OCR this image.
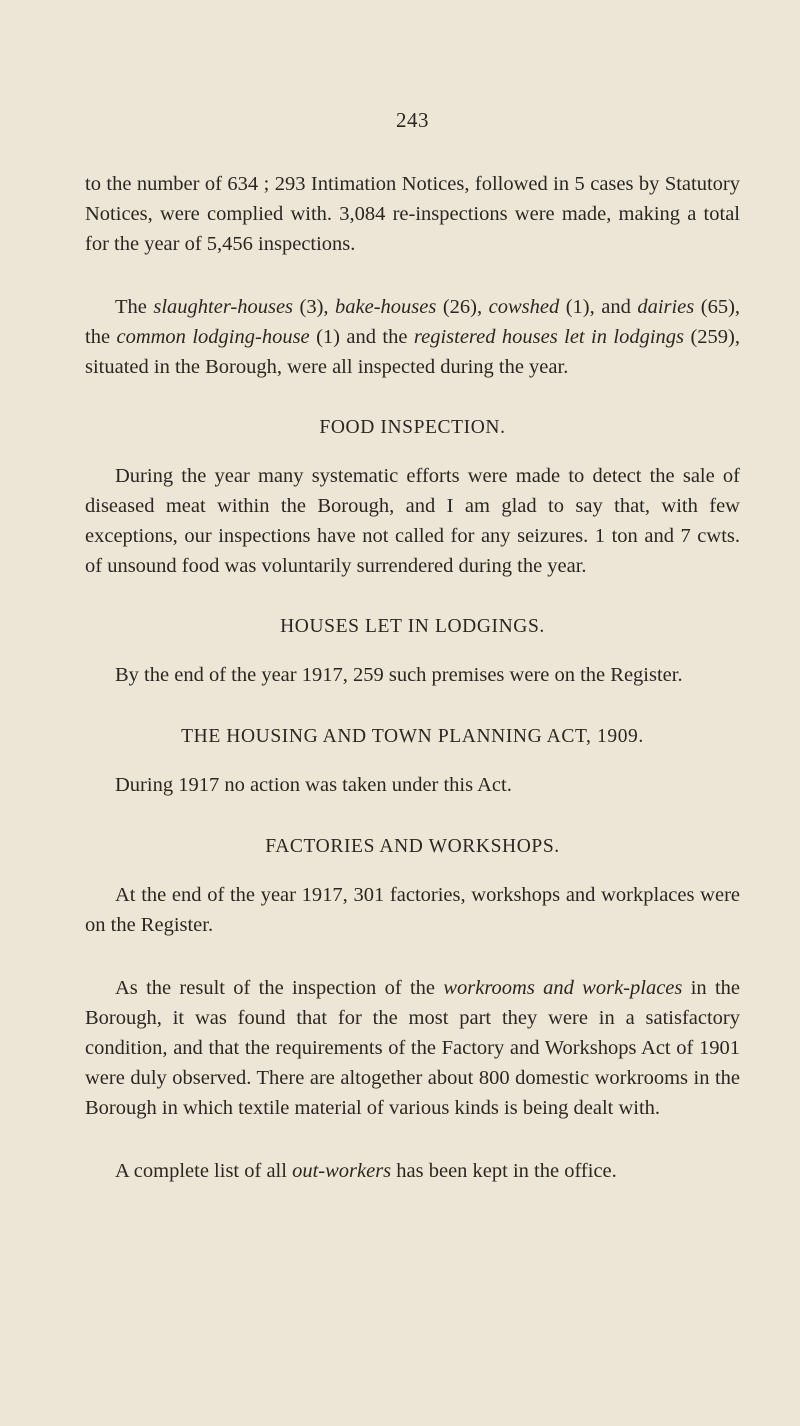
243

to the number of 634 ; 293 Intimation Notices, followed in 5 cases by Statutory Notices, were complied with. 3,084 re-inspections were made, making a total for the year of 5,456 inspections.

The slaughter-houses (3), bake-houses (26), cowshed (1), and dairies (65), the common lodging-house (1) and the registered houses let in lodgings (259), situated in the Borough, were all inspected during the year.

FOOD INSPECTION.

During the year many systematic efforts were made to detect the sale of diseased meat within the Borough, and I am glad to say that, with few exceptions, our inspections have not called for any seizures. 1 ton and 7 cwts. of unsound food was voluntarily surrendered during the year.

HOUSES LET IN LODGINGS.

By the end of the year 1917, 259 such premises were on the Register.

THE HOUSING AND TOWN PLANNING ACT, 1909.

During 1917 no action was taken under this Act.

FACTORIES AND WORKSHOPS.

At the end of the year 1917, 301 factories, workshops and workplaces were on the Register.

As the result of the inspection of the workrooms and work-places in the Borough, it was found that for the most part they were in a satisfactory condition, and that the requirements of the Factory and Workshops Act of 1901 were duly observed. There are altogether about 800 domestic workrooms in the Borough in which textile material of various kinds is being dealt with.

A complete list of all out-workers has been kept in the office.
